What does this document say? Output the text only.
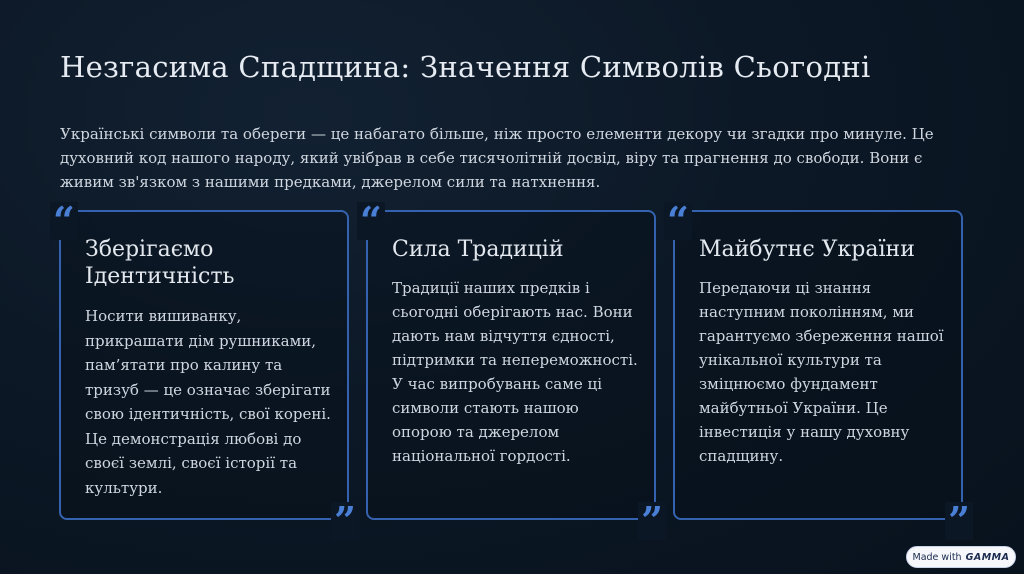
Незгасима Спадщина: Значення Символів Сьогодні

Українські символи та обереги — це набагато більше, ніж просто елементи декору чи згадки про минуле. Це духовний код нашого народу, який увібрав в себе тисячолітній досвід, віру та прагнення до свободи. Вони є живим зв'язком з нашими предками, джерелом сили та натхнення.

“
Зберігаємо Ідентичність
Носити вишиванку, прикрашати дім рушниками, пам’ятати про калину та тризуб — це означає зберігати свою ідентичність, свої корені. Це демонстрація любові до своєї землі, своєї історії та культури.
”
“
Сила Традицій
Традиції наших предків і сьогодні оберігають нас. Вони дають нам відчуття єдності, підтримки та непереможності. У час випробувань саме ці символи стають нашою опорою та джерелом національної гордості.
”
“
Майбутнє України
Передаючи ці знання наступним поколінням, ми гарантуємо збереження нашої унікальної культури та зміцнюємо фундамент майбутньої України. Це інвестиція у нашу духовну спадщину.
”
Made with GAMMA
